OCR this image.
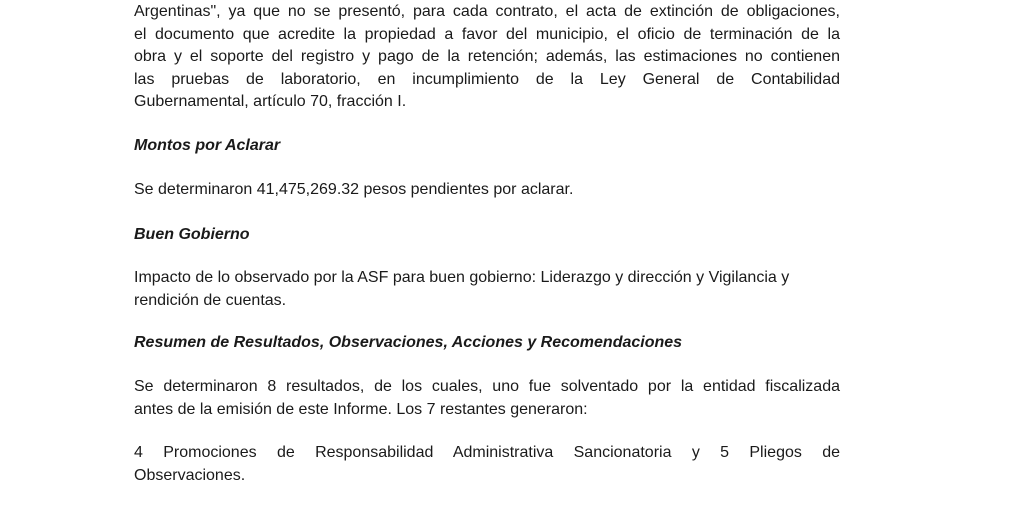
Argentinas", ya que no se presentó, para cada contrato, el acta de extinción de obligaciones,
el documento que acredite la propiedad a favor del municipio, el oficio de terminación de la
obra y el soporte del registro y pago de la retención; además, las estimaciones no contienen
las pruebas de laboratorio, en incumplimiento de la Ley General de Contabilidad
Gubernamental, artículo 70, fracción I.

Montos por Aclarar

Se determinaron 41,475,269.32 pesos pendientes por aclarar.

Buen Gobierno

Impacto de lo observado por la ASF para buen gobierno: Liderazgo y dirección y Vigilancia y
rendición de cuentas.

Resumen de Resultados, Observaciones, Acciones y Recomendaciones

Se determinaron 8 resultados, de los cuales, uno fue solventado por la entidad fiscalizada
antes de la emisión de este Informe. Los 7 restantes generaron:
4 Promociones de Responsabilidad Administrativa Sancionatoria y 5 Pliegos de
Observaciones.
